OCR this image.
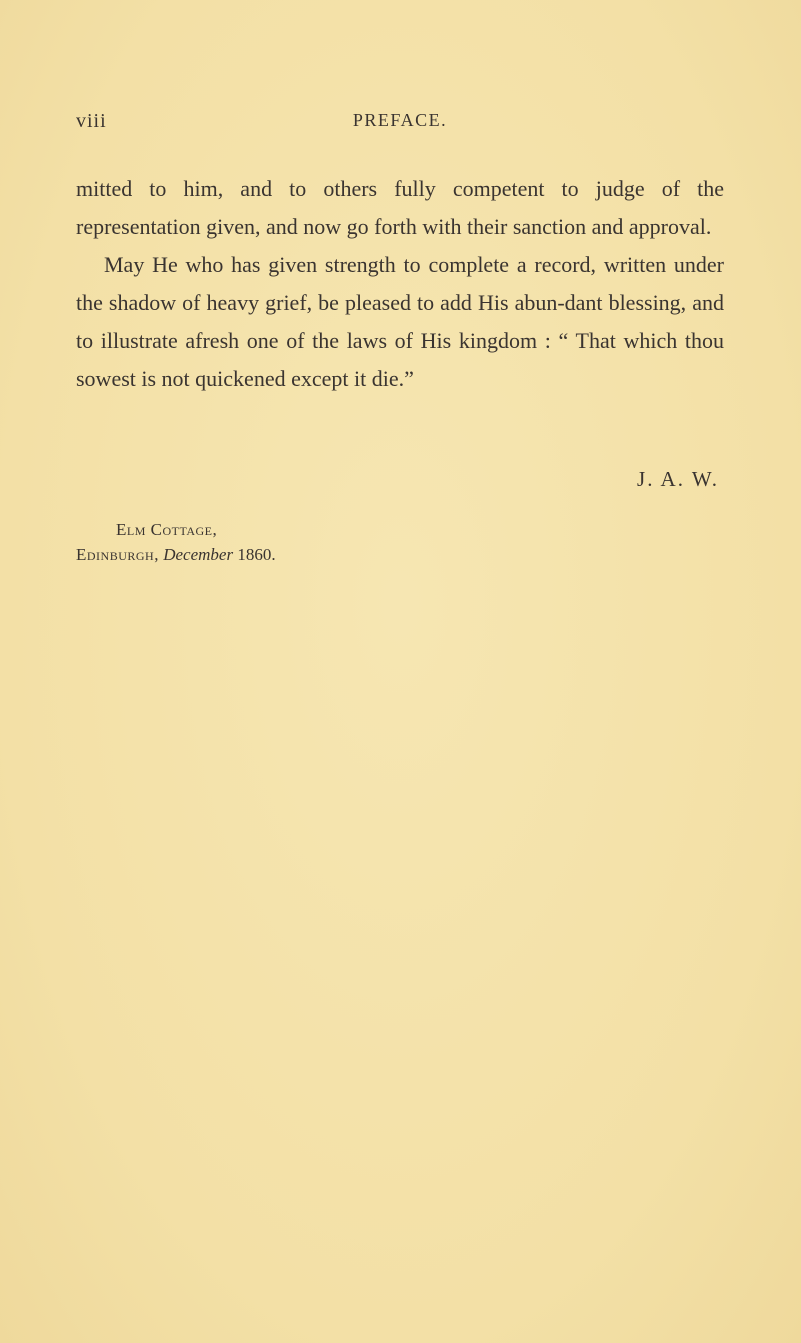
viii	PREFACE.

mitted to him, and to others fully competent to judge of the representation given, and now go forth with their sanction and approval.

May He who has given strength to complete a record, written under the shadow of heavy grief, be pleased to add His abun-dant blessing, and to illustrate afresh one of the laws of His kingdom : “ That which thou sowest is not quickened except it die.”

J. A. W.
Elm Cottage,
Edinburgh, December 1860.
